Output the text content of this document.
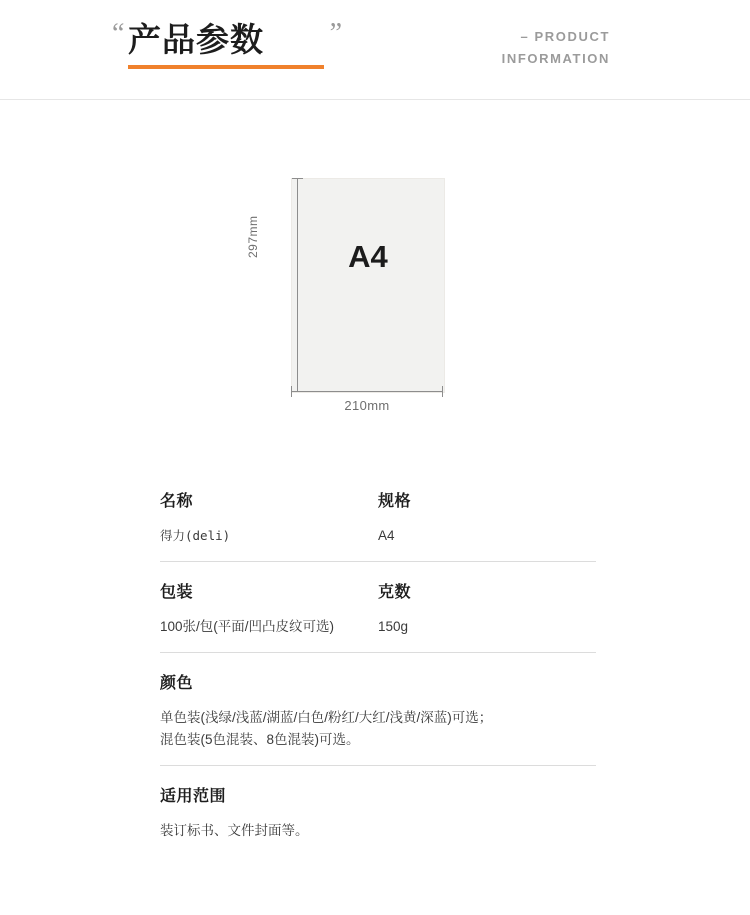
“	”
产品参数	– PRODUCT
INFORMATION
A4
297mm
210mm
名称	规格
得力(deli)	A4
包装	克数
100张/包(平面/凹凸皮纹可选)	150g
颜色
单色装(浅绿/浅蓝/湖蓝/白色/粉红/大红/浅黄/深蓝)可选；
混色装(5色混装、8色混装)可选。
适用范围
装订标书、文件封面等。
